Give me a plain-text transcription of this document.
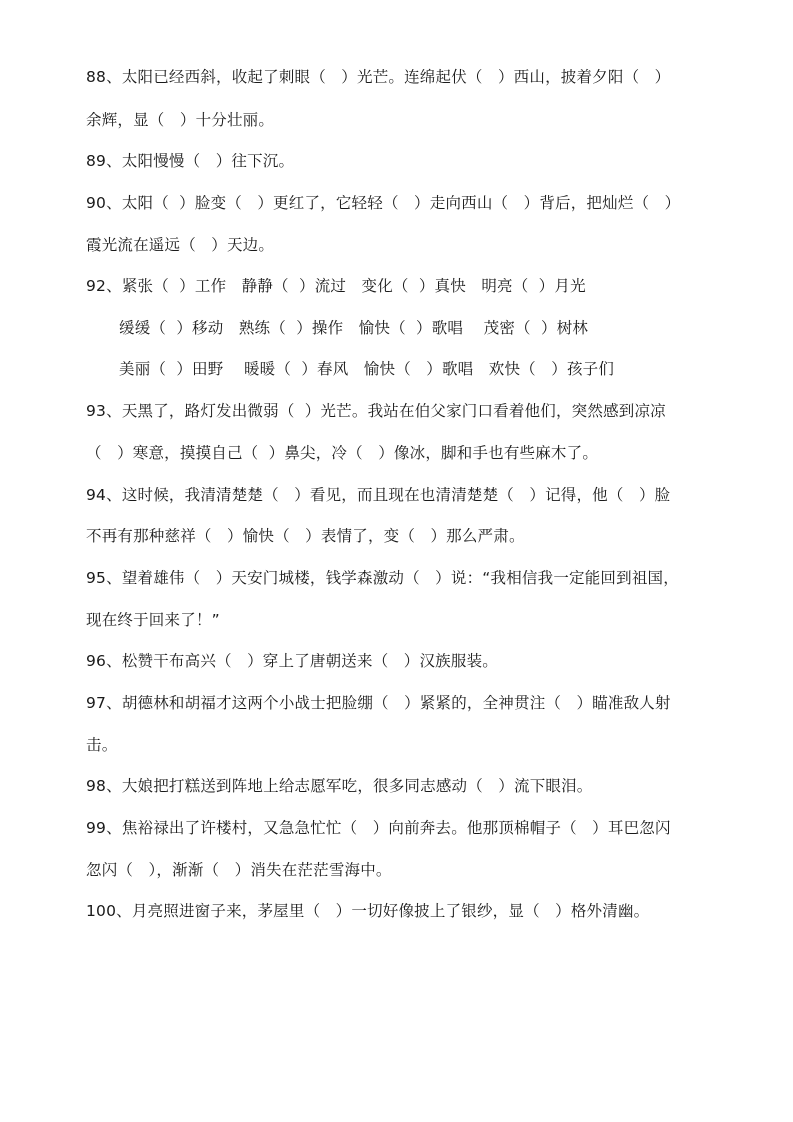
88、太阳已经西斜，收起了刺眼（   ）光芒。连绵起伏（   ）西山，披着夕阳（   ）
余辉，显（   ）十分壮丽。
89、太阳慢慢（   ）往下沉。
90、太阳（  ）脸变（   ）更红了，它轻轻（   ）走向西山（   ）背后，把灿烂（   ）
霞光流在遥远（   ）天边。
92、紧张（  ）工作   静静（  ）流过   变化（  ）真快   明亮（  ）月光
缓缓（  ）移动   熟练（  ）操作   愉快（  ）歌唱    茂密（  ）树林
美丽（  ）田野    暖暖（  ）春风   愉快（   ）歌唱   欢快（   ）孩子们
93、天黑了，路灯发出微弱（  ）光芒。我站在伯父家门口看着他们，突然感到凉凉
（   ）寒意，摸摸自己（  ）鼻尖，冷（   ）像冰，脚和手也有些麻木了。
94、这时候，我清清楚楚（   ）看见，而且现在也清清楚楚（   ）记得，他（   ）脸
不再有那种慈祥（   ）愉快（   ）表情了，变（   ）那么严肃。
95、望着雄伟（   ）天安门城楼，钱学森激动（   ）说：“我相信我一定能回到祖国，
现在终于回来了！”
96、松赞干布高兴（   ）穿上了唐朝送来（   ）汉族服装。
97、胡德林和胡福才这两个小战士把脸绷（   ）紧紧的，全神贯注（   ）瞄准敌人射
击。
98、大娘把打糕送到阵地上给志愿军吃，很多同志感动（   ）流下眼泪。
99、焦裕禄出了许楼村，又急急忙忙（   ）向前奔去。他那顶棉帽子（   ）耳巴忽闪
忽闪（   ），渐渐（   ）消失在茫茫雪海中。
100、月亮照进窗子来，茅屋里（   ）一切好像披上了银纱，显（   ）格外清幽。
